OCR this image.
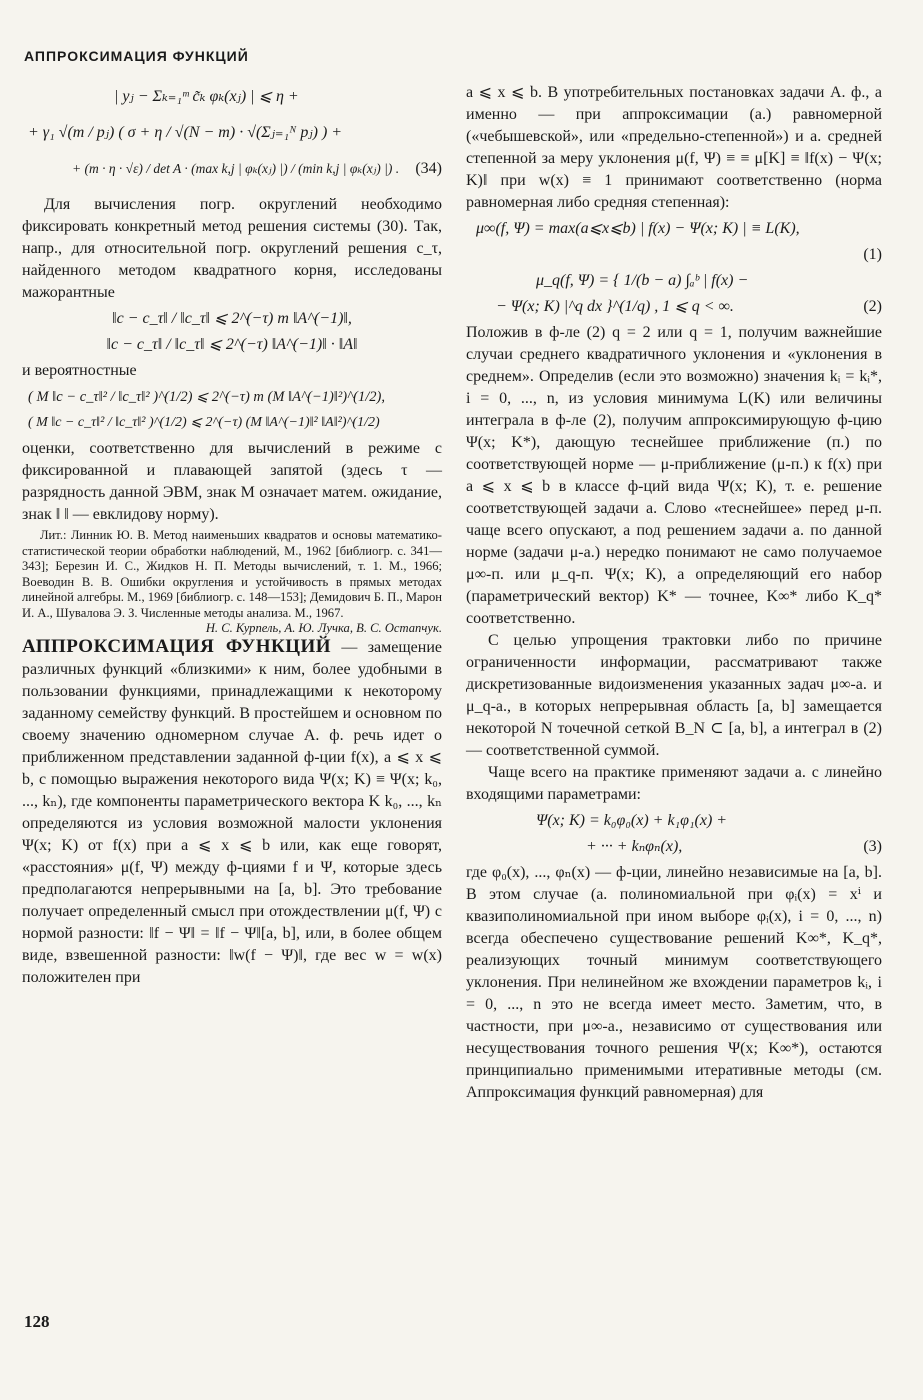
АППРОКСИМАЦИЯ ФУНКЦИЙ
| yⱼ − Σₖ₌₁ᵐ c̃ₖ φₖ(xⱼ) | ⩽ η +
+ γ₁ √(m / pⱼ) ( σ + η / √(N − m) · √(Σⱼ₌₁ᴺ pⱼ) ) +
(34)
+ (m · η · √ε) / det A · (max k,j | φₖ(xⱼ) |) / (min k,j | φₖ(xⱼ) |) .

Для вычисления погр. округлений необходимо фиксировать конкретный метод решения системы (30). Так, напр., для относительной погр. округлений решения c_τ, найденного методом квадратного корня, исследованы мажорантные

‖c − c_τ‖ / ‖c_τ‖ ⩽ 2^(−τ) m ‖A^(−1)‖,
‖c − c_τ‖ / ‖c_τ‖ ⩽ 2^(−τ) ‖A^(−1)‖ · ‖A‖

и вероятностные

( M ‖c − c_τ‖² / ‖c_τ‖² )^(1/2) ⩽ 2^(−τ) m (M ‖A^(−1)‖²)^(1/2),
( M ‖c − c_τ‖² / ‖c_τ‖² )^(1/2) ⩽ 2^(−τ) (M ‖A^(−1)‖² ‖A‖²)^(1/2)

оценки, соответственно для вычислений в режиме с фиксированной и плавающей запятой (здесь τ — разрядность данной ЭВМ, знак M означает матем. ожидание, знак ‖ ‖ — евклидову норму).

Лит.: Линник Ю. В. Метод наименьших квадратов и основы математико-статистической теории обработки наблюдений, М., 1962 [библиогр. с. 341—343]; Березин И. С., Жидков Н. П. Методы вычислений, т. 1. М., 1966; Воеводин В. В. Ошибки округления и устойчивость в прямых методах линейной алгебры. М., 1969 [библиогр. с. 148—153]; Демидович Б. П., Марон И. А., Шувалова Э. З. Численные методы анализа. М., 1967.

Н. С. Курпель, А. Ю. Лучка, В. С. Остапчук.

АППРОКСИМАЦИЯ ФУНКЦИЙ — замещение различных функций «близкими» к ним, более удобными в пользовании функциями, принадлежащими к некоторому заданному семейству функций. В простейшем и основном по своему значению одномерном случае А. ф. речь идет о приближенном представлении заданной ф-ции f(x), a ⩽ x ⩽ b, с помощью выражения некоторого вида Ψ(x; K) ≡ Ψ(x; k₀, ..., kₙ), где компоненты параметрического вектора K k₀, ..., kₙ определяются из условия возможной малости уклонения Ψ(x; K) от f(x) при a ⩽ x ⩽ b или, как еще говорят, «расстояния» μ(f, Ψ) между ф-циями f и Ψ, которые здесь предполагаются непрерывными на [a, b]. Это требование получает определенный смысл при отождествлении μ(f, Ψ) с нормой разности: ‖f − Ψ‖ = ‖f − Ψ‖[a, b], или, в более общем виде, взвешенной разности: ‖w(f − Ψ)‖, где вес w = w(x) положителен при

a ⩽ x ⩽ b. В употребительных постановках задачи А. ф., а именно — при аппроксимации (а.) равномерной («чебышевской», или «предельно-степенной») и а. средней степенной за меру уклонения μ(f, Ψ) ≡ ≡ μ[K] ≡ ‖f(x) − Ψ(x; K)‖ при w(x) ≡ 1 принимают соответственно (норма равномерная либо средняя степенная):

μ∞(f, Ψ) = max(a⩽x⩽b) | f(x) − Ψ(x; K) | ≡ L(K),
(1)

μ_q(f, Ψ) = { 1/(b − a) ∫ₐᵇ | f(x) −
(2)
− Ψ(x; K) |^q dx }^(1/q) , 1 ⩽ q < ∞.

Положив в ф-ле (2) q = 2 или q = 1, получим важнейшие случаи среднего квадратичного уклонения и «уклонения в среднем». Определив (если это возможно) значения kᵢ = kᵢ*, i = 0, ..., n, из условия минимума L(K) или величины интеграла в ф-ле (2), получим аппроксимирующую ф-цию Ψ(x; K*), дающую теснейшее приближение (п.) по соответствующей норме — μ-приближение (μ-п.) к f(x) при a ⩽ x ⩽ b в классе ф-ций вида Ψ(x; K), т. е. решение соответствующей задачи а. Слово «теснейшее» перед μ-п. чаще всего опускают, а под решением задачи а. по данной норме (задачи μ-а.) нередко понимают не само получаемое μ∞-п. или μ_q-п. Ψ(x; K), а определяющий его набор (параметрический вектор) K* — точнее, K∞* либо K_q* соответственно.

С целью упрощения трактовки либо по причине ограниченности информации, рассматривают также дискретизованные видоизменения указанных задач μ∞-а. и μ_q-а., в которых непрерывная область [a, b] замещается некоторой N точечной сеткой B_N ⊂ [a, b], а интеграл в (2) — соответственной суммой.

Чаще всего на практике применяют задачи а. с линейно входящими параметрами:

Ψ(x; K) = k₀φ₀(x) + k₁φ₁(x) +
(3)
+ ··· + kₙφₙ(x),

где φ₀(x), ..., φₙ(x) — ф-ции, линейно независимые на [a, b]. В этом случае (а. полиномиальной при φᵢ(x) = xⁱ и квазиполиномиальной при ином выборе φᵢ(x), i = 0, ..., n) всегда обеспечено существование решений K∞*, K_q*, реализующих точный минимум соответствующего уклонения. При нелинейном же вхождении параметров kᵢ, i = 0, ..., n это не всегда имеет место. Заметим, что, в частности, при μ∞-а., независимо от существования или несуществования точного решения Ψ(x; K∞*), остаются принципиально применимыми итеративные методы (см. Аппроксимация функций равномерная) для

128
